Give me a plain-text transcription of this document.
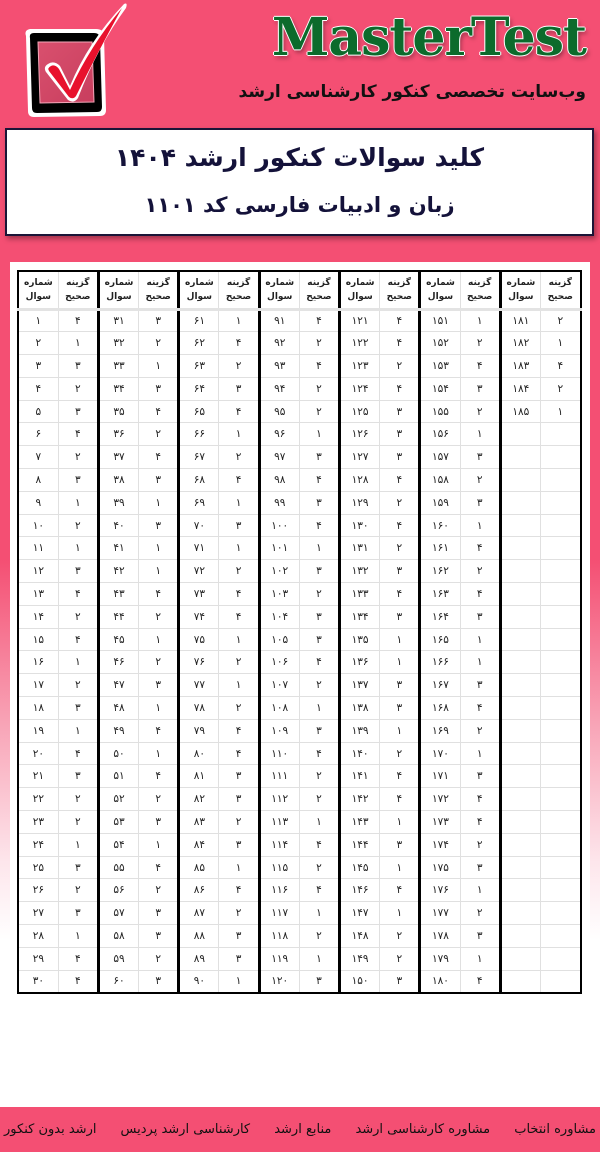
MasterTest
وب‌سایت تخصصی کنکور کارشناسی ارشد
کلید سوالات کنکور ارشد ۱۴۰۴
زبان و ادبیات فارسی کد ۱۱۰۱
شماره سوال	گزینه صحیح	شماره سوال	گزینه صحیح	شماره سوال	گزینه صحیح	شماره سوال	گزینه صحیح	شماره سوال	گزینه صحیح	شماره سوال	گزینه صحیح	شماره سوال	گزینه صحیح
۱	۴	۳۱	۳	۶۱	۱	۹۱	۴	۱۲۱	۴	۱۵۱	۱	۱۸۱	۲
۲	۱	۳۲	۲	۶۲	۴	۹۲	۲	۱۲۲	۴	۱۵۲	۲	۱۸۲	۱
۳	۳	۳۳	۱	۶۳	۲	۹۳	۴	۱۲۳	۲	۱۵۳	۴	۱۸۳	۴
۴	۲	۳۴	۳	۶۴	۳	۹۴	۲	۱۲۴	۴	۱۵۴	۳	۱۸۴	۲
۵	۳	۳۵	۴	۶۵	۴	۹۵	۲	۱۲۵	۳	۱۵۵	۲	۱۸۵	۱
۶	۴	۳۶	۲	۶۶	۱	۹۶	۱	۱۲۶	۳	۱۵۶	۱		
۷	۲	۳۷	۴	۶۷	۲	۹۷	۳	۱۲۷	۳	۱۵۷	۳		
۸	۳	۳۸	۳	۶۸	۴	۹۸	۴	۱۲۸	۴	۱۵۸	۲		
۹	۱	۳۹	۱	۶۹	۱	۹۹	۳	۱۲۹	۲	۱۵۹	۳		
۱۰	۲	۴۰	۳	۷۰	۳	۱۰۰	۴	۱۳۰	۴	۱۶۰	۱		
۱۱	۱	۴۱	۱	۷۱	۱	۱۰۱	۱	۱۳۱	۲	۱۶۱	۴		
۱۲	۳	۴۲	۱	۷۲	۲	۱۰۲	۳	۱۳۲	۳	۱۶۲	۲		
۱۳	۴	۴۳	۴	۷۳	۴	۱۰۳	۲	۱۳۳	۴	۱۶۳	۴		
۱۴	۲	۴۴	۲	۷۴	۴	۱۰۴	۳	۱۳۴	۳	۱۶۴	۳		
۱۵	۴	۴۵	۱	۷۵	۱	۱۰۵	۳	۱۳۵	۱	۱۶۵	۱		
۱۶	۱	۴۶	۲	۷۶	۲	۱۰۶	۴	۱۳۶	۱	۱۶۶	۱		
۱۷	۲	۴۷	۳	۷۷	۱	۱۰۷	۲	۱۳۷	۳	۱۶۷	۳		
۱۸	۳	۴۸	۱	۷۸	۲	۱۰۸	۱	۱۳۸	۳	۱۶۸	۴		
۱۹	۱	۴۹	۴	۷۹	۴	۱۰۹	۳	۱۳۹	۱	۱۶۹	۲		
۲۰	۴	۵۰	۱	۸۰	۴	۱۱۰	۴	۱۴۰	۲	۱۷۰	۱		
۲۱	۳	۵۱	۴	۸۱	۳	۱۱۱	۲	۱۴۱	۴	۱۷۱	۳		
۲۲	۲	۵۲	۲	۸۲	۳	۱۱۲	۲	۱۴۲	۴	۱۷۲	۴		
۲۳	۲	۵۳	۳	۸۳	۲	۱۱۳	۱	۱۴۳	۱	۱۷۳	۴		
۲۴	۱	۵۴	۱	۸۴	۳	۱۱۴	۴	۱۴۴	۳	۱۷۴	۲		
۲۵	۳	۵۵	۴	۸۵	۱	۱۱۵	۲	۱۴۵	۱	۱۷۵	۳		
۲۶	۲	۵۶	۲	۸۶	۴	۱۱۶	۴	۱۴۶	۴	۱۷۶	۱		
۲۷	۳	۵۷	۳	۸۷	۲	۱۱۷	۱	۱۴۷	۱	۱۷۷	۲		
۲۸	۱	۵۸	۳	۸۸	۳	۱۱۸	۲	۱۴۸	۲	۱۷۸	۳		
۲۹	۴	۵۹	۲	۸۹	۳	۱۱۹	۱	۱۴۹	۲	۱۷۹	۱		
۳۰	۴	۶۰	۳	۹۰	۱	۱۲۰	۳	۱۵۰	۳	۱۸۰	۴		
ارشد بدون کنکور کارشناسی ارشد پردیس منابع ارشد مشاوره کارشناسی ارشد مشاوره انتخاب
